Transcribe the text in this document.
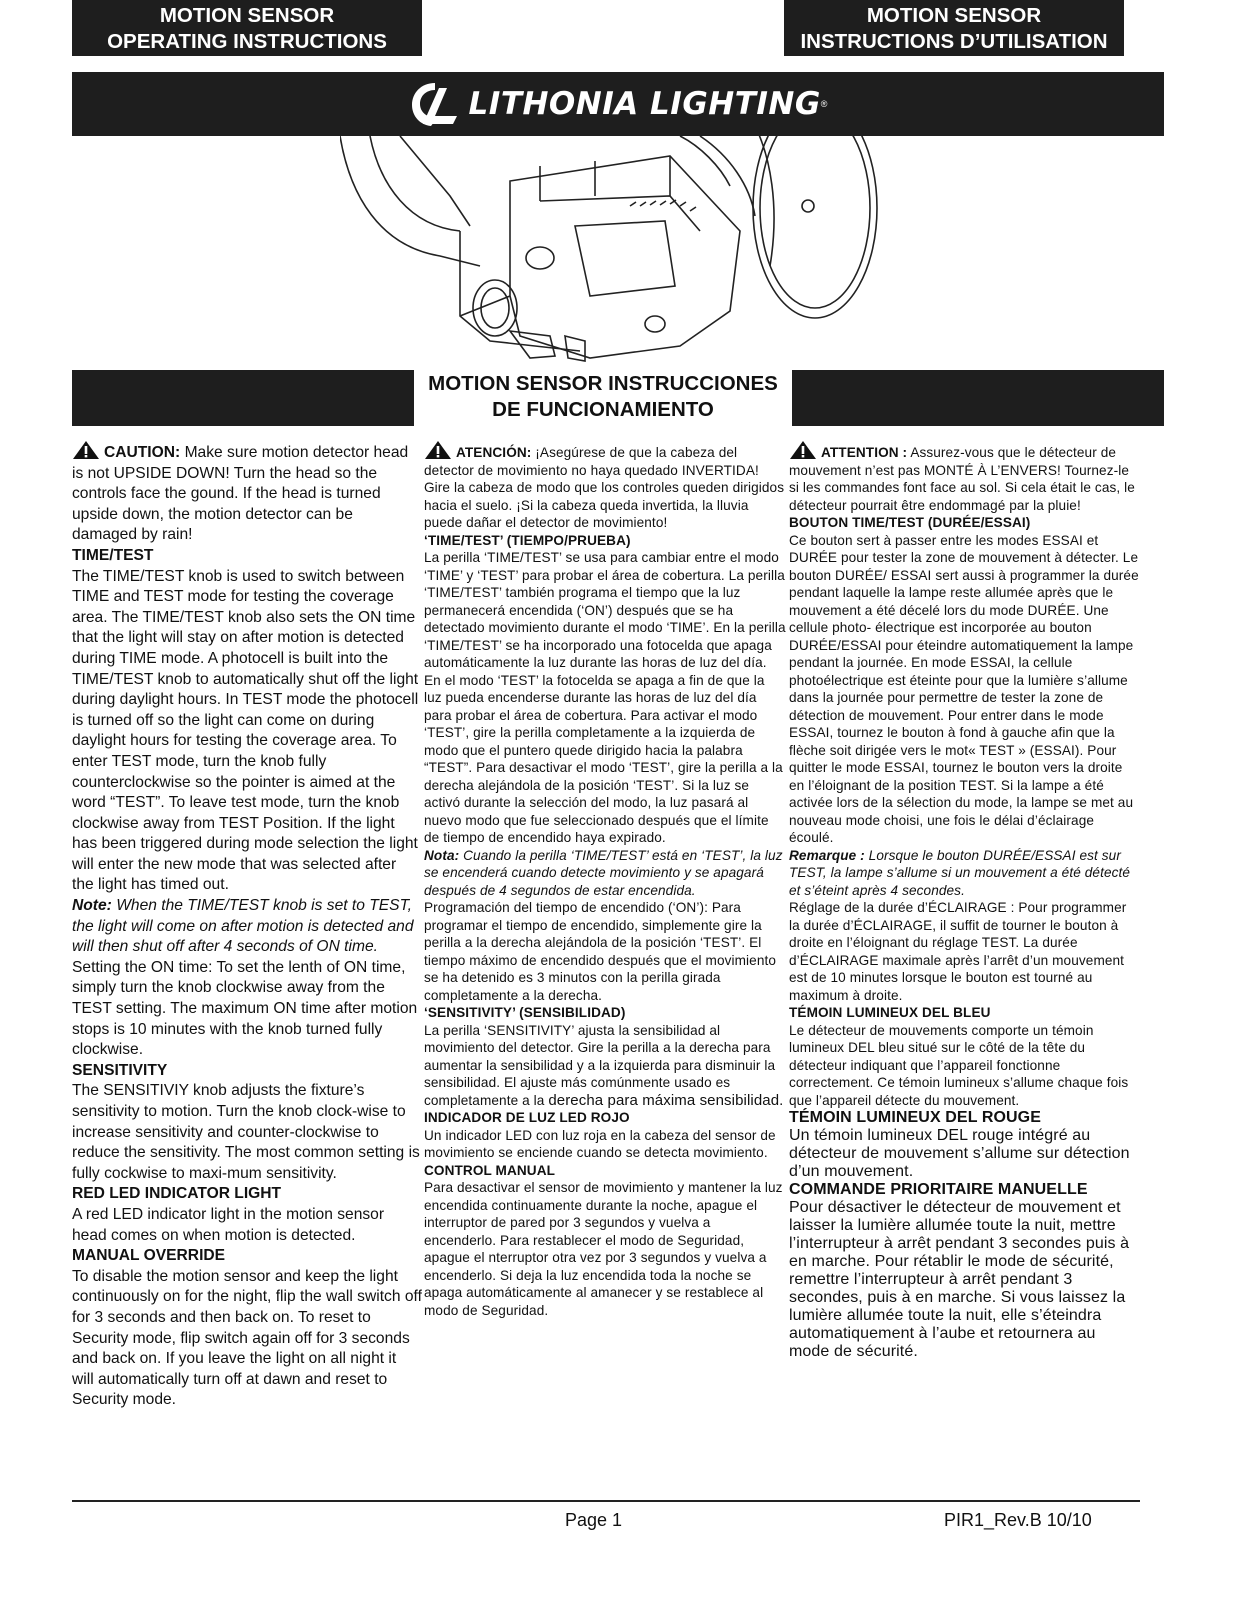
LITHONIA LIGHTING ®
MOTION SENSOR
OPERATING INSTRUCTIONS
MOTION SENSOR INSTRUCCIONES
DE FUNCIONAMIENTO
MOTION SENSOR
INSTRUCTIONS D’UTILISATION

CAUTION: Make sure motion detector head is not UPSIDE DOWN! Turn the head so the controls face the gound. If the head is turned upside down, the motion detector can be damaged by rain!

TIME/TEST

The TIME/TEST knob is used to switch between TIME and TEST mode for testing the coverage area. The TIME/TEST knob also sets the ON time that the light will stay on after motion is detected during TIME mode. A photocell is built into the TIME/TEST knob to automatically shut off the light during daylight hours. In TEST mode the photocell is turned off so the light can come on during daylight hours for testing the coverage area. To enter TEST mode, turn the knob fully counterclockwise so the pointer is aimed at the word “TEST”. To leave test mode, turn the knob clockwise away from TEST Position. If the light has been triggered during mode selection the light will enter the new mode that was selected after the light has timed out.

Note: When the TIME/TEST knob is set to TEST, the light will come on after motion is detected and will then shut off after 4 seconds of ON time.

Setting the ON time: To set the lenth of ON time, simply turn the knob clockwise away from the TEST setting. The maximum ON time after motion stops is 10 minutes with the knob turned fully clockwise.

SENSITIVITY

The SENSITIVIY knob adjusts the fixture’s sensitivity to motion. Turn the knob clock-wise to increase sensitivity and counter-clockwise to reduce the sensitivity. The most common setting is fully cockwise to maxi-mum sensitivity.

RED LED INDICATOR LIGHT

A red LED indicator light in the motion sensor head comes on when motion is detected.

MANUAL OVERRIDE

To disable the motion sensor and keep the light continuously on for the night, flip the wall switch off for 3 seconds and then back on. To reset to Security mode, flip switch again off for 3 seconds and back on. If you leave the light on all night it will automatically turn off at dawn and reset to Security mode.

ATENCIÓN: ¡Asegúrese de que la cabeza del detector de movimiento no haya quedado INVERTIDA! Gire la cabeza de modo que los controles queden dirigidos hacia el suelo. ¡Si la cabeza queda invertida, la lluvia puede dañar el detector de movimiento!

‘TIME/TEST’ (TIEMPO/PRUEBA)

La perilla ‘TIME/TEST’ se usa para cambiar entre el modo ‘TIME’ y ‘TEST’ para probar el área de cobertura. La perilla ‘TIME/TEST’ también programa el tiempo que la luz permanecerá encendida (‘ON’) después que se ha detectado movimiento durante el modo ‘TIME’. En la perilla ‘TIME/TEST’ se ha incorporado una fotocelda que apaga automáticamente la luz durante las horas de luz del día. En el modo ‘TEST’ la fotocelda se apaga a fin de que la luz pueda encenderse durante las horas de luz del día para probar el área de cobertura. Para activar el modo ‘TEST’, gire la perilla completamente a la izquierda de modo que el puntero quede dirigido hacia la palabra “TEST”. Para desactivar el modo ‘TEST’, gire la perilla a la derecha alejándola de la posición ‘TEST’. Si la luz se activó durante la selección del modo, la luz pasará al nuevo modo que fue seleccionado después que el límite de tiempo de encendido haya expirado.

Nota: Cuando la perilla ‘TIME/TEST’ está en ‘TEST’, la luz se encenderá cuando detecte movimiento y se apagará después de 4 segundos de estar encendida.

Programación del tiempo de encendido (‘ON’): Para programar el tiempo de encendido, simplemente gire la perilla a la derecha alejándola de la posición ‘TEST’. El tiempo máximo de encendido después que el movimiento se ha detenido es 3 minutos con la perilla girada completamente a la derecha.

‘SENSITIVITY’ (SENSIBILIDAD)

La perilla ‘SENSITIVITY’ ajusta la sensibilidad al movimiento del detector. Gire la perilla a la derecha para aumentar la sensibilidad y a la izquierda para disminuir la sensibilidad. El ajuste más comúnmente usado es completamente a la derecha para máxima sensibilidad.

INDICADOR DE LUZ LED ROJO

Un indicador LED con luz roja en la cabeza del sensor de movimiento se enciende cuando se detecta movimiento.

CONTROL MANUAL

Para desactivar el sensor de movimiento y mantener la luz encendida continuamente durante la noche, apague el interruptor de pared por 3 segundos y vuelva a encenderlo. Para restablecer el modo de Seguridad, apague el nterruptor otra vez por 3 segundos y vuelva a encenderlo. Si deja la luz encendida toda la noche se apaga automáticamente al amanecer y se restablece al modo de Seguridad.

ATTENTION : Assurez-vous que le détecteur de mouvement n’est pas MONTÉ À L’ENVERS! Tournez-le si les commandes font face au sol. Si cela était le cas, le détecteur pourrait être endommagé par la pluie!

BOUTON TIME/TEST (DURÉE/ESSAI)

Ce bouton sert à passer entre les modes ESSAI et DURÉE pour tester la zone de mouvement à détecter. Le bouton DURÉE/ ESSAI sert aussi à programmer la durée pendant laquelle la lampe reste allumée après que le mouvement a été décelé lors du mode DURÉE. Une cellule photo- électrique est incorporée au bouton DURÉE/ESSAI pour éteindre automatiquement la lampe pendant la journée. En mode ESSAI, la cellule photoélectrique est éteinte pour que la lumière s’allume dans la journée pour permettre de tester la zone de détection de mouvement. Pour entrer dans le mode ESSAI, tournez le bouton à fond à gauche afin que la flèche soit dirigée vers le mot« TEST » (ESSAI). Pour quitter le mode ESSAI, tournez le bouton vers la droite en l’éloignant de la position TEST. Si la lampe a été activée lors de la sélection du mode, la lampe se met au nouveau mode choisi, une fois le délai d’éclairage écoulé.

Remarque : Lorsque le bouton DURÉE/ESSAI est sur TEST, la lampe s’allume si un mouvement a été détecté et s’éteint après 4 secondes.

Réglage de la durée d’ÉCLAIRAGE : Pour programmer la durée d’ÉCLAIRAGE, il suffit de tourner le bouton à droite en l’éloignant du réglage TEST. La durée d’ÉCLAIRAGE maximale après l’arrêt d’un mouvement est de 10 minutes lorsque le bouton est tourné au maximum à droite.

TÉMOIN LUMINEUX DEL BLEU

Le détecteur de mouvements comporte un témoin lumineux DEL bleu situé sur le côté de la tête du détecteur indiquant que l’appareil fonctionne correctement. Ce témoin lumineux s’allume chaque fois que l’appareil détecte du mouvement.

TÉMOIN LUMINEUX DEL ROUGE

Un témoin lumineux DEL rouge intégré au détecteur de mouvement s’allume sur détection d’un mouvement.

COMMANDE PRIORITAIRE MANUELLE

Pour désactiver le détecteur de mouvement et laisser la lumière allumée toute la nuit, mettre l’interrupteur à arrêt pendant 3 secondes puis à en marche. Pour rétablir le mode de sécurité, remettre l’interrupteur à arrêt pendant 3 secondes, puis à en marche. Si vous laissez la lumière allumée toute la nuit, elle s’éteindra automatiquement à l’aube et retournera au mode de sécurité.

Page 1	PIR1_Rev.B 10/10
